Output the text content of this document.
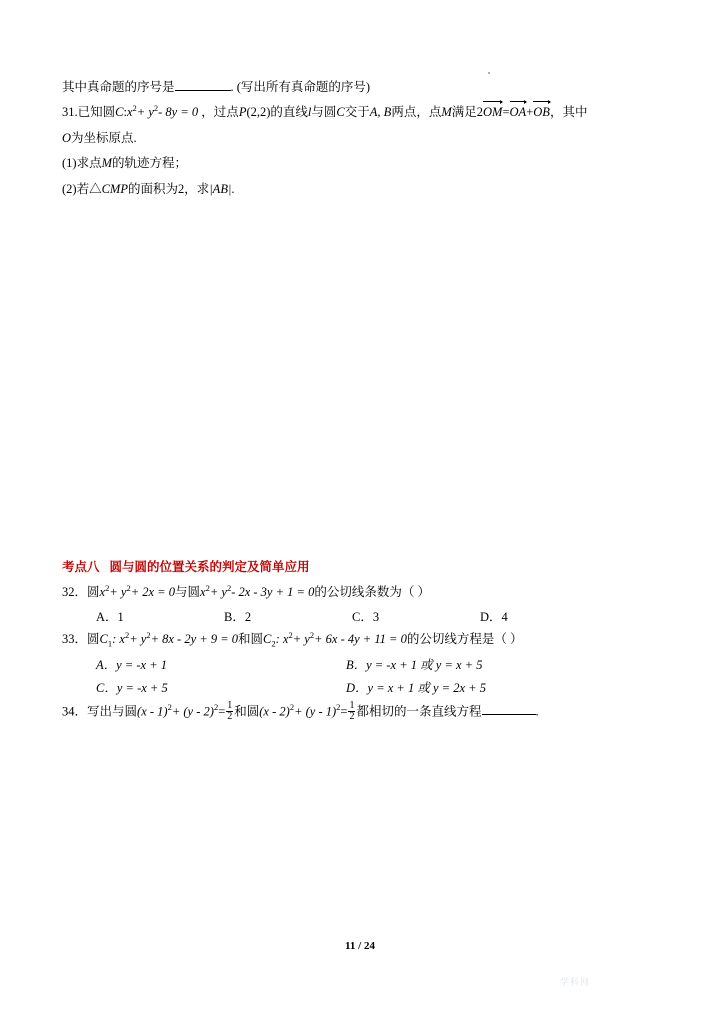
其中真命题的序号是	. (写出所有真命题的序号)

31.已知圆$C:x^2+ y^2-$ 8y = 0 ，过点P(2,2)的直线l与圆C交于A, B两点，点M满足2OM=OA+OB，其中

O为坐标原点.

(1)求点M的轨迹方程；

(2)若△CMP的面积为2，求|AB|.

考点八 圆与圆的位置关系的判定及简单应用

32．圆$x^2+ y^2+ 2x = 0$与圆$x^2+ y^2-$ 2x - 3y + 1 = 0的公切线条数为（ ）

A．1	B．2	C．3	D．4

33．圆$C_1$: $x^2+ y^2+ 8x - 2y + 9 = 0$和圆$C_2$: $x^2+ y^2+ 6x - 4y + 11 = 0$的公切线方程是（ ）

A．y = -x + 1	B．y = -x + 1 或 y = x + 5

C．y = -x + 5	D．y = x + 1 或 y = 2x + 5

34．写出与圆$(x - 1)^2+ (y - 2)^2= \frac{1}{2}$ 和圆$(x - 2)^2+ (y - 1)^2= \frac{1}{2}$ 都相切的一条直线方程	.

11 / 24
学科网
